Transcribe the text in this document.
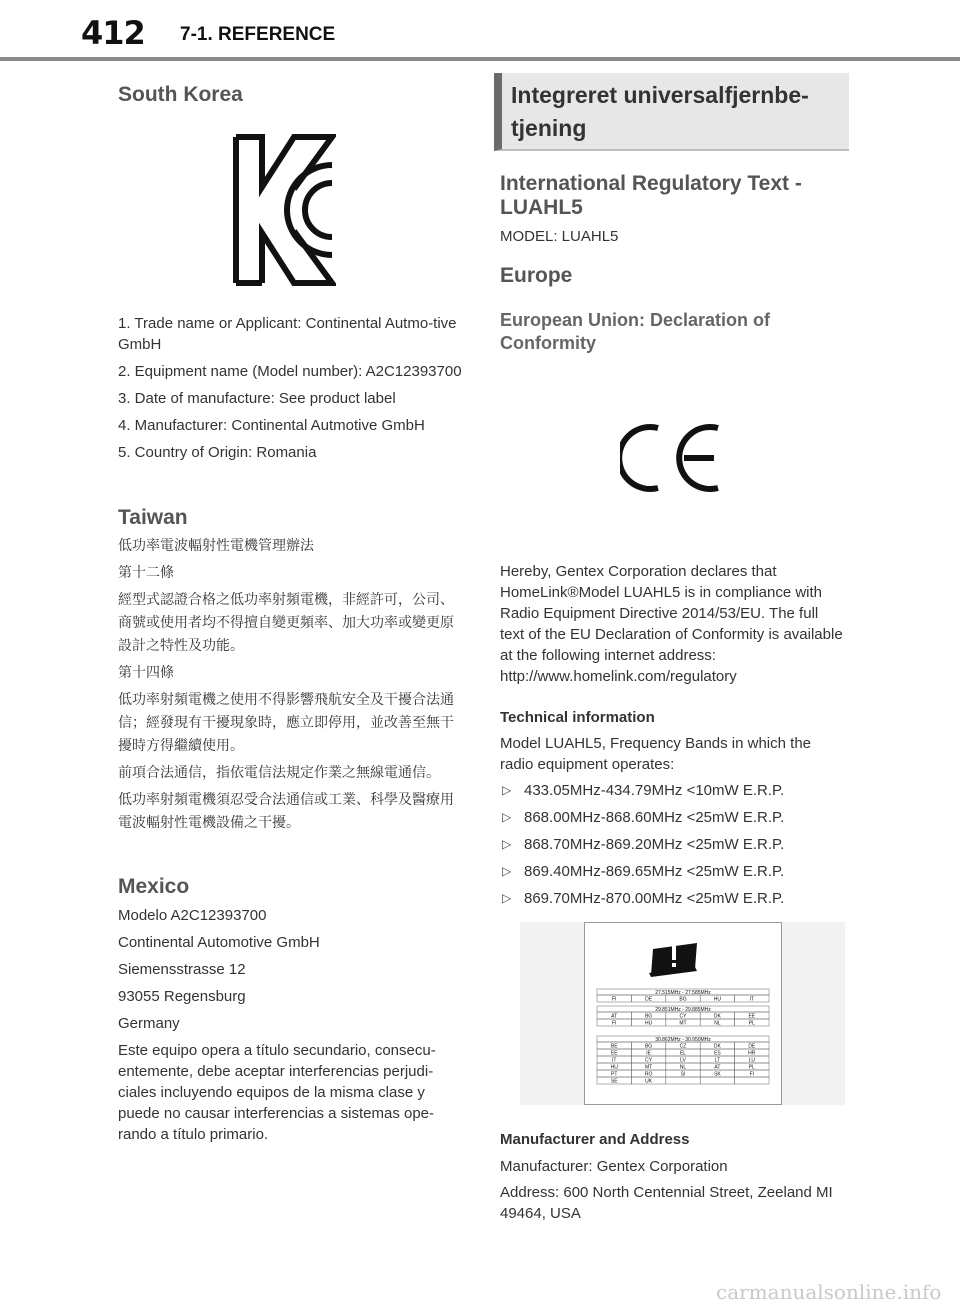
412 7-1. REFERENCE
South Korea

1. Trade name or Applicant: Continental Autmo-tive GmbH

2. Equipment name (Model number): A2C12393700

3. Date of manufacture: See product label

4. Manufacturer: Continental Autmotive GmbH

5. Country of Origin: Romania

Taiwan

低功率電波輻射性電機管理辦法

第十二條

經型式認證合格之低功率射頻電機，非經許可，公司、商號或使用者均不得擅自變更頻率、加大功率或變更原設計之特性及功能。

第十四條

低功率射頻電機之使用不得影響飛航安全及干擾合法通信；經發現有干擾現象時，應立即停用，並改善至無干擾時方得繼續使用。

前項合法通信，指依電信法規定作業之無線電通信。

低功率射頻電機須忍受合法通信或工業、科學及醫療用電波輻射性電機設備之干擾。

Mexico

Modelo A2C12393700

Continental Automotive GmbH

Siemensstrasse 12

93055 Regensburg

Germany

Este equipo opera a título secundario, consecu-entemente, debe aceptar interferencias perjudi-ciales incluyendo equipos de la misma clase y puede no causar interferencias a sistemas ope-rando a título primario.

Integreret universalfjernbe-tjening
International Regulatory Text - LUAHL5

MODEL: LUAHL5

Europe
European Union: Declaration of Conformity

Hereby, Gentex Corporation declares that HomeLink®Model LUAHL5 is in compliance with Radio Equipment Directive 2014/53/EU. The full text of the EU Declaration of Conformity is available at the following internet address: http://www.homelink.com/regulatory

Technical information

Model LUAHL5, Frequency Bands in which the radio equipment operates:

▷ 433.05MHz-434.79MHz <10mW E.R.P.
▷ 868.00MHz-868.60MHz <25mW E.R.P.
▷ 868.70MHz-869.20MHz <25mW E.R.P.
▷ 869.40MHz-869.65MHz <25mW E.R.P.
▷ 869.70MHz-870.00MHz <25mW E.R.P.
27.515MHz - 27.585MHz
FI	DE	BG	HU	IT
29.851MHz - 29.885MHz
AT	BG	CY	DK	EE
FI	HU	MT	NL	PL
30.862MHz - 30.950MHz
BE	BG	CZ	DK	DE
EE	IE	EL	ES	HR
IT	CY	LV	LT	LU
HU	MT	NL	AT	PL
PT	RO	SI	SK	FI
SE	UK

Manufacturer and Address

Manufacturer: Gentex Corporation

Address: 600 North Centennial Street, Zeeland MI 49464, USA

carmanualsonline.info
